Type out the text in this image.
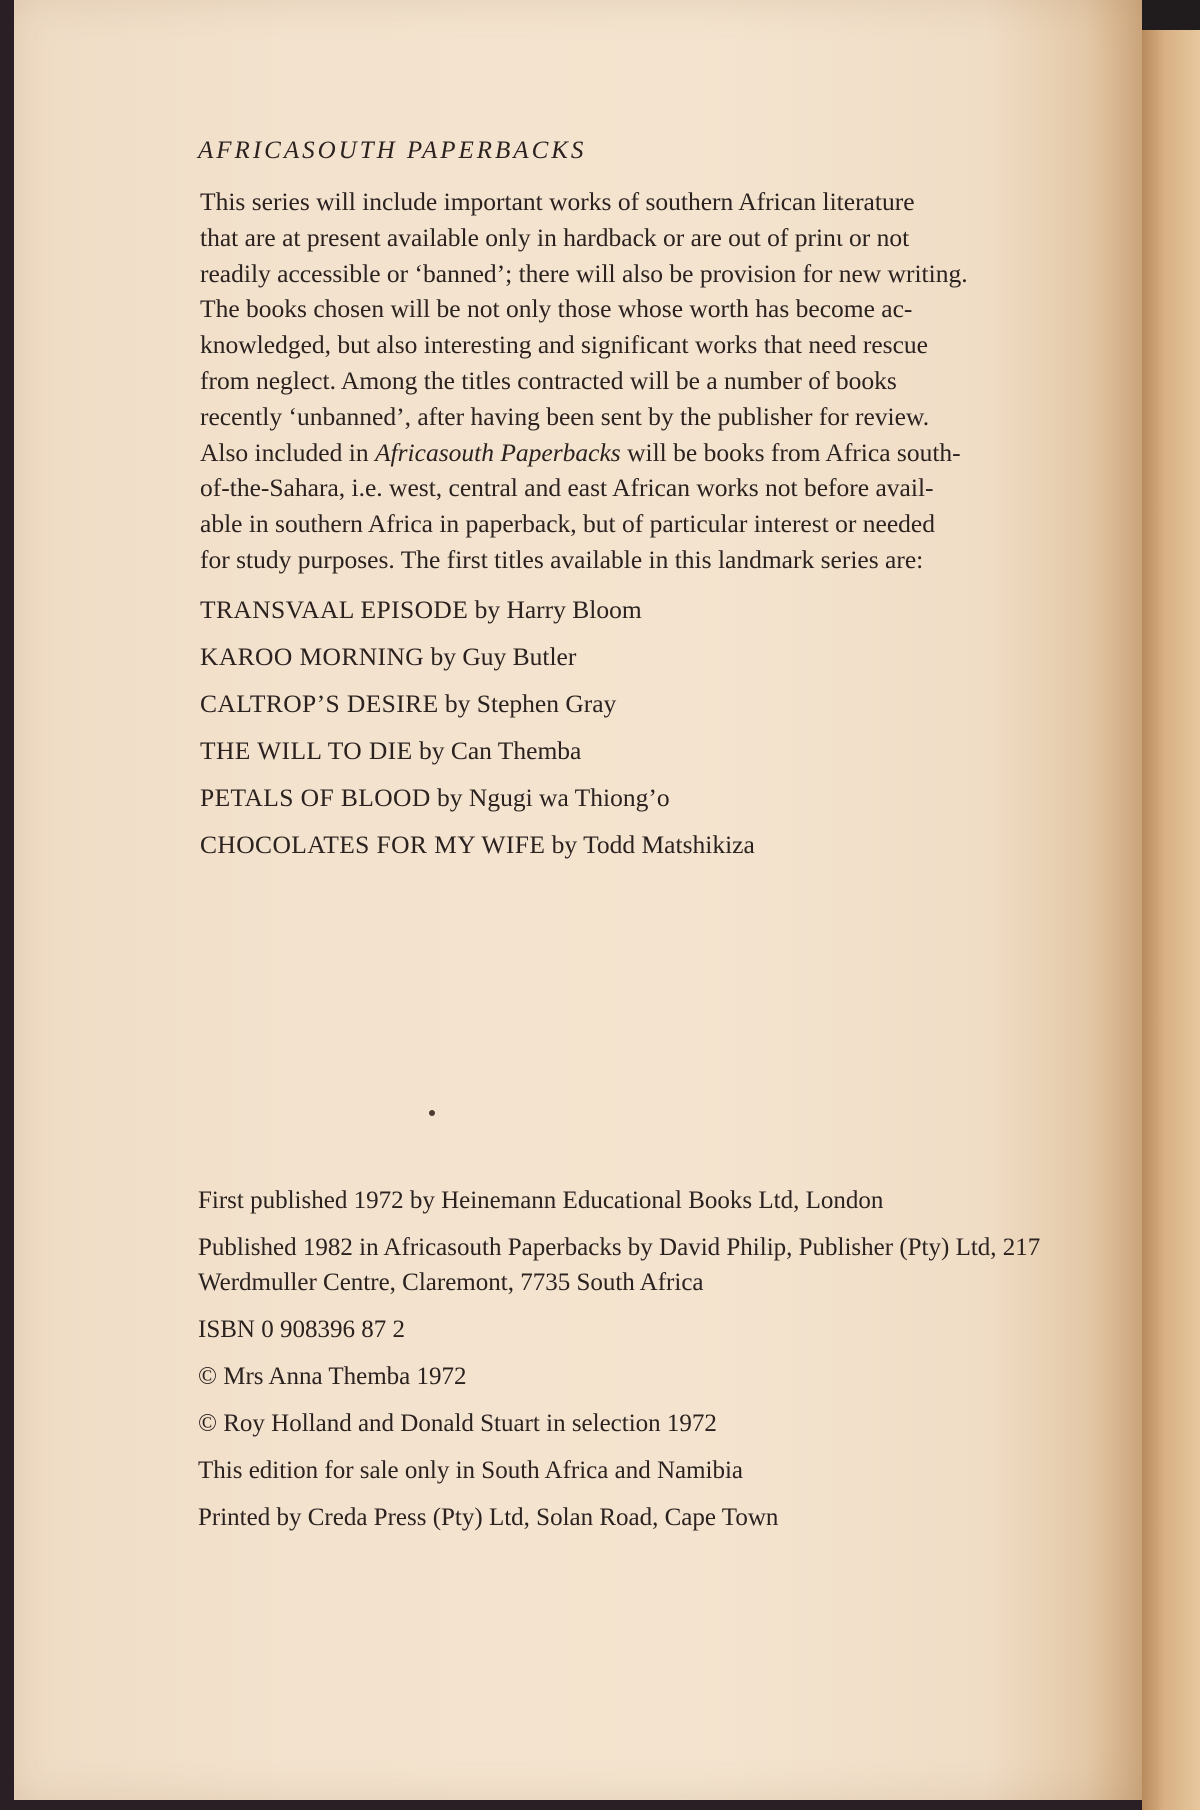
AFRICASOUTH PAPERBACKS
This series will include important works of southern African literature
that are at present available only in hardback or are out of prinι or not
readily accessible or ‘banned’; there will also be provision for new writing.
The books chosen will be not only those whose worth has become ac-
knowledged, but also interesting and significant works that need rescue
from neglect. Among the titles contracted will be a number of books
recently ‘unbanned’, after having been sent by the publisher for review.
Also included in Africasouth Paperbacks will be books from Africa south-
of-the-Sahara, i.e. west, central and east African works not before avail-
able in southern Africa in paperback, but of particular interest or needed
for study purposes. The first titles available in this landmark series are:
TRANSVAAL EPISODE by Harry Bloom
KAROO MORNING by Guy Butler
CALTROP’S DESIRE by Stephen Gray
THE WILL TO DIE by Can Themba
PETALS OF BLOOD by Ngugi wa Thiong’o
CHOCOLATES FOR MY WIFE by Todd Matshikiza
First published 1972 by Heinemann Educational Books Ltd, London
Published 1982 in Africasouth Paperbacks by David Philip, Publisher (Pty) Ltd, 217 Werdmuller Centre, Claremont, 7735 South Africa
ISBN 0 908396 87 2
© Mrs Anna Themba 1972
© Roy Holland and Donald Stuart in selection 1972
This edition for sale only in South Africa and Namibia
Printed by Creda Press (Pty) Ltd, Solan Road, Cape Town
